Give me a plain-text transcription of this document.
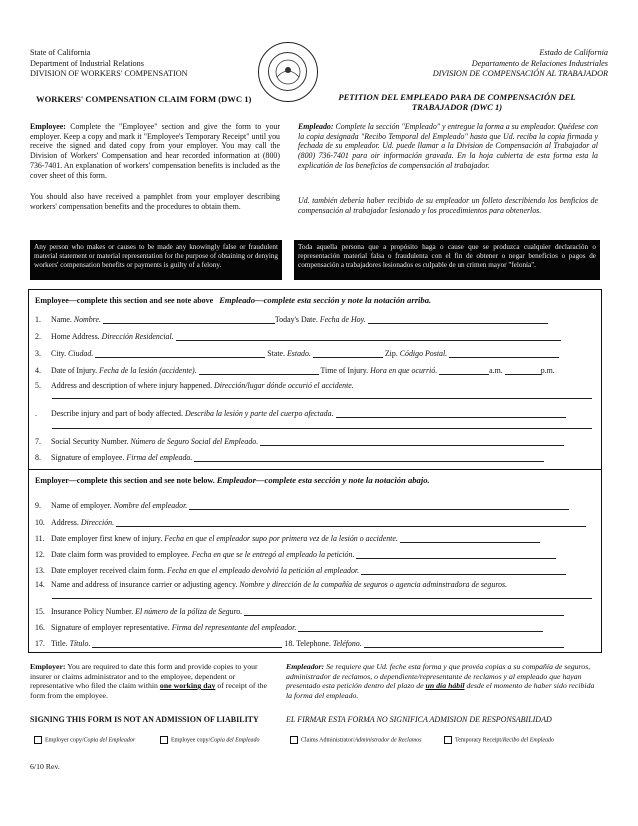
State of California
Department of Industrial Relations
DIVISION OF WORKERS' COMPENSATION
Estado de California
Departamento de Relaciones Industriales
DIVISION DE COMPENSACIÓN AL TRABAJADOR
WORKERS' COMPENSATION CLAIM FORM (DWC 1)	PETITION DEL EMPLEADO PARA DE COMPENSACIÓN DEL TRABAJADOR (DWC 1)
Employee: Complete the "Employee" section and give the form to your employer. Keep a copy and mark it "Employee's Temporary Receipt" until you receive the signed and dated copy from your employer. You may call the Division of Workers' Compensation and hear recorded information at (800) 736-7401. An explanation of workers' compensation benefits is included as the cover sheet of this form.
You should also have received a pamphlet from your employer describing workers' compensation benefits and the procedures to obtain them.
Empleado: Complete la sección "Empleado" y entregue la forma a su empleador. Quédese con la copia designada "Recibo Temporal del Empleado" hasta que Ud. reciba la copia firmada y fechada de su empleador. Ud. puede llamar a la Division de Compensación al Trabajador al (800) 736-7401 para oir información gravada. En la hoja cubierta de esta forma esta la explicatión de los beneficios de compensación al trabajador.
Ud. también debería haber recibido de su empleador un folleto describiendo los benficios de compensación al trabajador lesionado y los procedimientos para obtenerlos.
Any person who makes or causes to be made any knowingly false or fraudulent material statement or material representation for the purpose of obtaining or denying workers' compensation benefits or payments is guilty of a felony.
Toda aquella persona que a propósito haga o cause que se produzca cualquier declaración o representación material falsa o fraudulenta con el fin de obtener o negar beneficios o pagos de compensación a trabajadores lesionados es culpable de un crimen mayor "felonía".
Employee—complete this section and see note above Empleado—complete esta sección y note la notación arriba.
1. Name. Nombre.	Today's Date. Fecha de Hoy.
2. Home Address. Dirección Residencial.
3. City. Ciudad.	State. Estado.	Zip. Código Postal.
4. Date of Injury. Fecha de la lesión (accidente).	Time of Injury. Hora en que ocurrió.	a.m.	p.m.
5. Address and description of where injury happened. Dirección/lugar dónde occurió el accidente.
. Describe injury and part of body affected. Describa la lesión y parte del cuerpo afectada.
7. Social Security Number. Número de Seguro Social del Empleado.
8. Signature of employee. Firma del empleado.
Employer—complete this section and see note below. Empleador—complete esta sección y note la notación abajo.
9. Name of employer. Nombre del empleador.
10. Address. Dirección.
11. Date employer first knew of injury. Fecha en que el empleador supo por primera vez de la lesión o accidente.
12. Date claim form was provided to employee. Fecha en que se le entregó al empleado la petición.
13. Date employer received claim form. Fecha en que el empleado devolvió la petición al empleador.
14. Name and address of insurance carrier or adjusting agency. Nombre y dirección de la compañía de seguros o agencia adminstradora de seguros.
15. Insurance Policy Number. El número de la póliza de Seguro.
16. Signature of employer representative. Firma del representante del empleador.
17. Title. Título.	18. Telephone. Teléfono.
Employer: You are required to date this form and provide copies to your insurer or claims administrator and to the employee, dependent or representative who filed the claim within one working day of receipt of the form from the employee.
SIGNING THIS FORM IS NOT AN ADMISSION OF LIABILITY
Empleador: Se requiere que Ud. feche esta forma y que provéa copias a su compañía de seguros, administrador de reclamos, o dependiente/representante de reclamos y al empleado que hayan presentado esta petición dentro del plazo de un día hábil desde el momento de haber sido recibida la forma del empleado.
EL FIRMAR ESTA FORMA NO SIGNIFICA ADMISION DE RESPONSABILIDAD
Employer copy/Copia del Empleador	Employee copy/Copia del Empleado	Claims Administrator/Administrador de Reclamos	Temporary Receipt/Recibo del Empleado
6/10 Rev.
